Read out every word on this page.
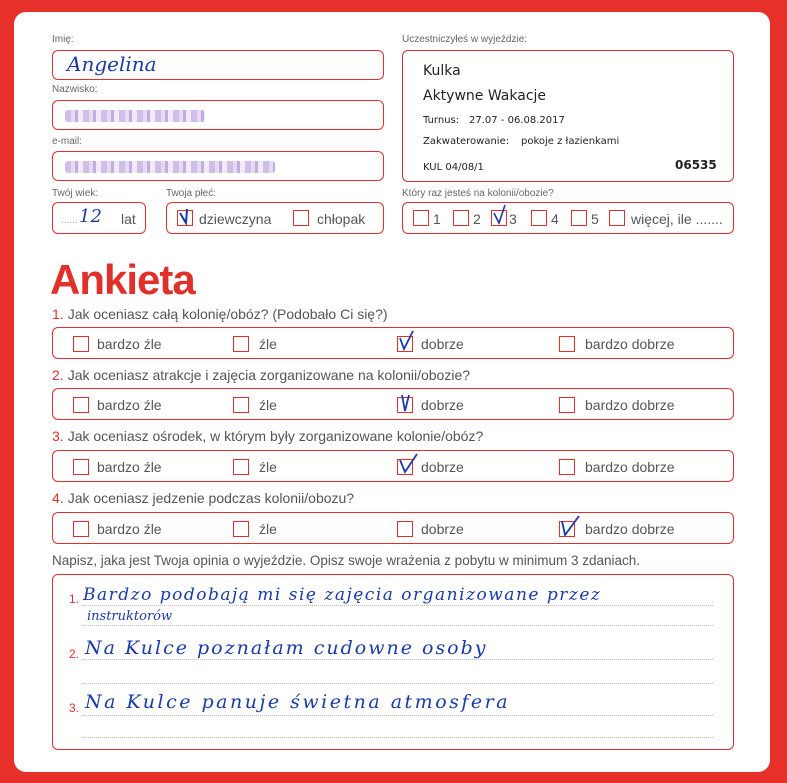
Imię:
Angelina
Nazwisko:
e-mail:
Twój wiek:
...... 12 lat
Twoja płeć:
dziewczyna	chłopak
Uczestniczyłeś w wyjeździe:
Kulka
Aktywne Wakacje
Turnus: 27.07 - 06.08.2017
Zakwaterowanie: pokoje z łazienkami
KUL 04/08/1	06535
Który raz jesteś na kolonii/obozie?
1 2 3 4 5 więcej, ile .......
Ankieta
1. Jak oceniasz całą kolonię/obóz? (Podobało Ci się?)
bardzo źle	źle	dobrze	bardzo dobrze
2. Jak oceniasz atrakcje i zajęcia zorganizowane na kolonii/obozie?
bardzo źle	źle	dobrze	bardzo dobrze
3. Jak oceniasz ośrodek, w którym były zorganizowane kolonie/obóz?
bardzo źle	źle	dobrze	bardzo dobrze
4. Jak oceniasz jedzenie podczas kolonii/obozu?
bardzo źle	źle	dobrze	bardzo dobrze
Napisz, jaka jest Twoja opinia o wyjeździe. Opisz swoje wrażenia z pobytu w minimum 3 zdaniach.
1. Bardzo podobają mi się zajęcia organizowane przez
instruktorów
2. Na Kulce poznałam cudowne osoby
3. Na Kulce panuje świetna atmosfera
